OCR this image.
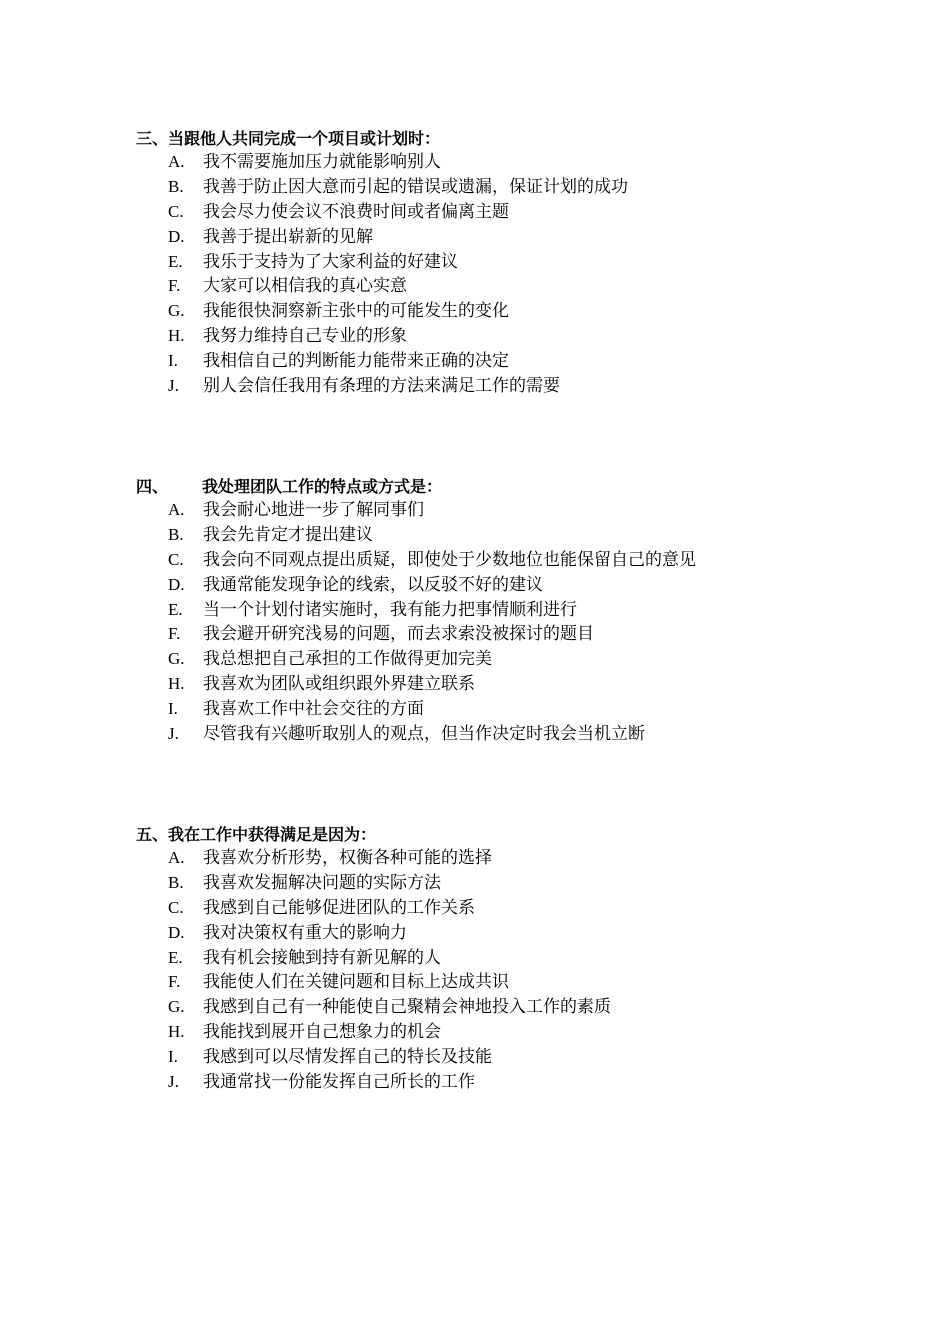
三、当跟他人共同完成一个项目或计划时：
A. 我不需要施加压力就能影响别人
B. 我善于防止因大意而引起的错误或遗漏，保证计划的成功
C. 我会尽力使会议不浪费时间或者偏离主题
D. 我善于提出崭新的见解
E. 我乐于支持为了大家利益的好建议
F. 大家可以相信我的真心实意
G. 我能很快洞察新主张中的可能发生的变化
H. 我努力维持自己专业的形象
I. 我相信自己的判断能力能带来正确的决定
J. 别人会信任我用有条理的方法来满足工作的需要
四、 我处理团队工作的特点或方式是：
A. 我会耐心地进一步了解同事们
B. 我会先肯定才提出建议
C. 我会向不同观点提出质疑，即使处于少数地位也能保留自己的意见
D. 我通常能发现争论的线索，以反驳不好的建议
E. 当一个计划付诸实施时，我有能力把事情顺利进行
F. 我会避开研究浅易的问题，而去求索没被探讨的题目
G. 我总想把自己承担的工作做得更加完美
H. 我喜欢为团队或组织跟外界建立联系
I. 我喜欢工作中社会交往的方面
J. 尽管我有兴趣听取别人的观点，但当作决定时我会当机立断
五、我在工作中获得满足是因为：
A. 我喜欢分析形势，权衡各种可能的选择
B. 我喜欢发掘解决问题的实际方法
C. 我感到自己能够促进团队的工作关系
D. 我对决策权有重大的影响力
E. 我有机会接触到持有新见解的人
F. 我能使人们在关键问题和目标上达成共识
G. 我感到自己有一种能使自己聚精会神地投入工作的素质
H. 我能找到展开自己想象力的机会
I. 我感到可以尽情发挥自己的特长及技能
J. 我通常找一份能发挥自己所长的工作
